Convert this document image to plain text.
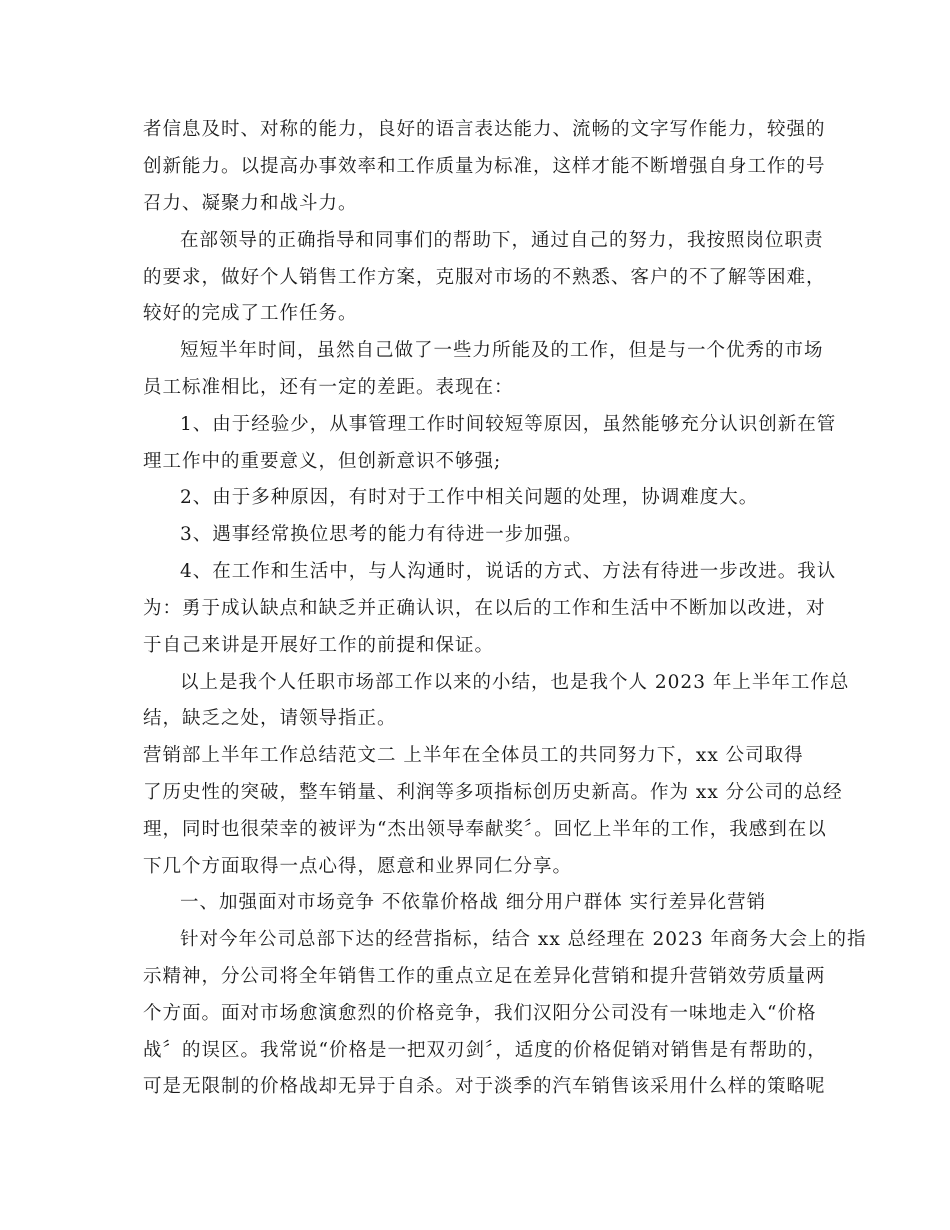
者信息及时、对称的能力，良好的语言表达能力、流畅的文字写作能力，较强的
创新能力。以提高办事效率和工作质量为标准，这样才能不断增强自身工作的号
召力、凝聚力和战斗力。
在部领导的正确指导和同事们的帮助下，通过自己的努力，我按照岗位职责
的要求，做好个人销售工作方案，克服对市场的不熟悉、客户的不了解等困难，
较好的完成了工作任务。
短短半年时间，虽然自己做了一些力所能及的工作，但是与一个优秀的市场
员工标准相比，还有一定的差距。表现在：
1、由于经验少，从事管理工作时间较短等原因，虽然能够充分认识创新在管
理工作中的重要意义，但创新意识不够强;
2、由于多种原因，有时对于工作中相关问题的处理，协调难度大。
3、遇事经常换位思考的能力有待进一步加强。
4、在工作和生活中，与人沟通时，说话的方式、方法有待进一步改进。我认
为：勇于成认缺点和缺乏并正确认识，在以后的工作和生活中不断加以改进，对
于自己来讲是开展好工作的前提和保证。
以上是我个人任职市场部工作以来的小结，也是我个人 2023 年上半年工作总
结，缺乏之处，请领导指正。
营销部上半年工作总结范文二 上半年在全体员工的共同努力下，xx 公司取得
了历史性的突破，整车销量、利润等多项指标创历史新高。作为 xx 分公司的总经
理，同时也很荣幸的被评为“杰出领导奉献奖〞。回忆上半年的工作，我感到在以
下几个方面取得一点心得，愿意和业界同仁分享。
一、加强面对市场竞争 不依靠价格战 细分用户群体 实行差异化营销
针对今年公司总部下达的经营指标，结合 xx 总经理在 2023 年商务大会上的指
示精神，分公司将全年销售工作的重点立足在差异化营销和提升营销效劳质量两
个方面。面对市场愈演愈烈的价格竞争，我们汉阳分公司没有一味地走入“价格
战〞的误区。我常说“价格是一把双刃剑〞，适度的价格促销对销售是有帮助的，
可是无限制的价格战却无异于自杀。对于淡季的汽车销售该采用什么样的策略呢
